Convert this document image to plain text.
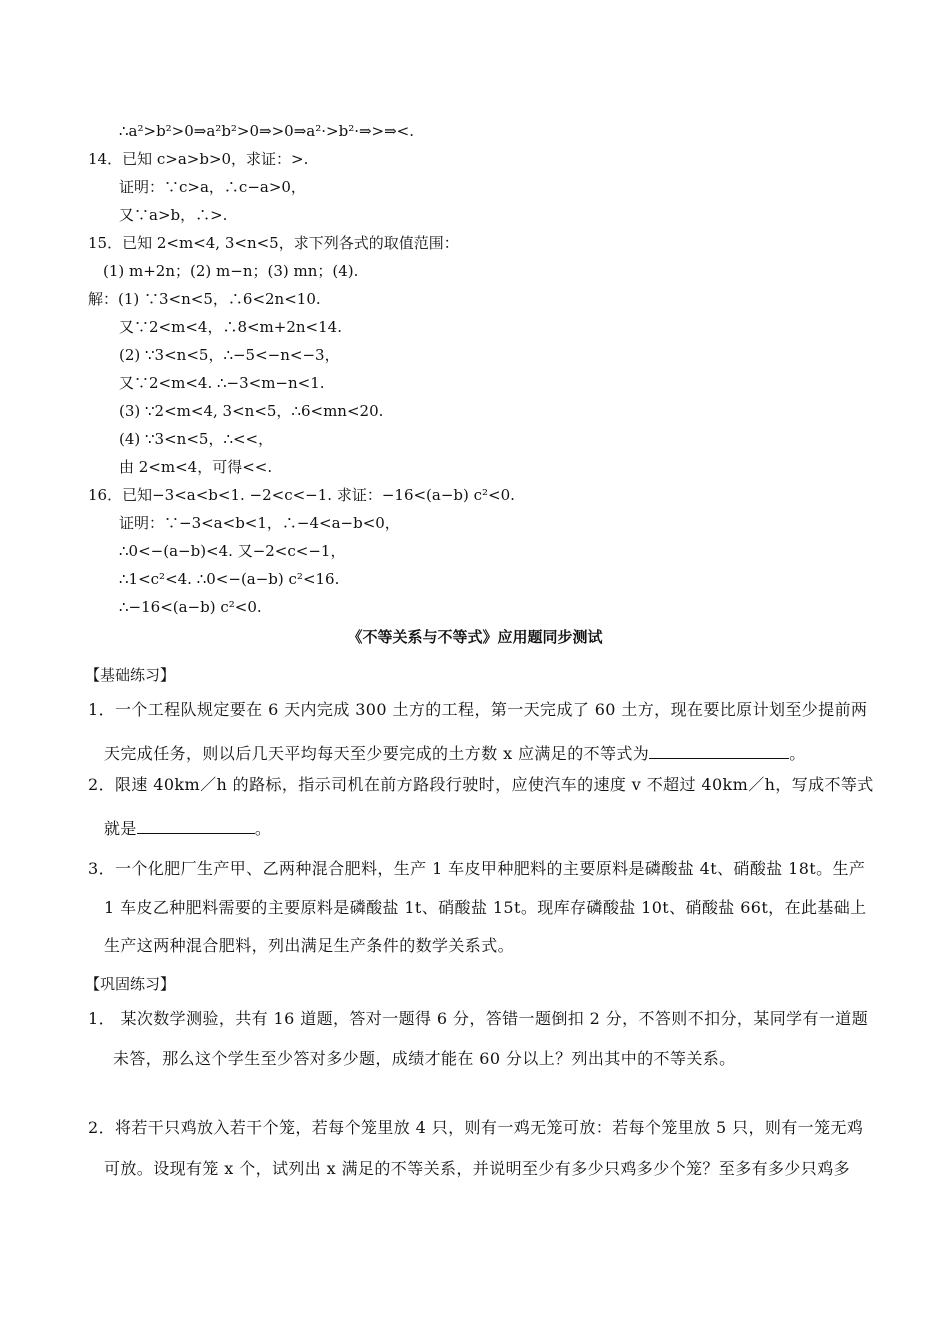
∴a²>b²>0⇒a²b²>0⇒>0⇒a²·>b²·⇒>⇒<.
14．已知 c>a>b>0，求证：>.
证明：∵c>a，∴c−a>0，
又∵a>b，∴>.
15．已知 2<m<4, 3<n<5，求下列各式的取值范围：
(1) m+2n；(2) m−n；(3) mn；(4).
解：(1) ∵3<n<5，∴6<2n<10.
又∵2<m<4，∴8<m+2n<14.
(2) ∵3<n<5，∴−5<−n<−3，
又∵2<m<4. ∴−3<m−n<1.
(3) ∵2<m<4, 3<n<5，∴6<mn<20.
(4) ∵3<n<5，∴<<，
由 2<m<4，可得<<.
16．已知−3<a<b<1. −2<c<−1. 求证：−16<(a−b) c²<0.
证明：∵−3<a<b<1，∴−4<a−b<0，
∴0<−(a−b)<4. 又−2<c<−1，
∴1<c²<4. ∴0<−(a−b) c²<16.
∴−16<(a−b) c²<0.
《不等关系与不等式》应用题同步测试
【基础练习】
1．一个工程队规定要在 6 天内完成 300 土方的工程，第一天完成了 60 土方，现在要比原计划至少提前两
天完成任务，则以后几天平均每天至少要完成的土方数 x 应满足的不等式为	。
2．限速 40km／h 的路标，指示司机在前方路段行驶时，应使汽车的速度 v 不超过 40km／h，写成不等式
就是	。
3．一个化肥厂生产甲、乙两种混合肥料，生产 1 车皮甲种肥料的主要原料是磷酸盐 4t、硝酸盐 18t。生产
1 车皮乙种肥料需要的主要原料是磷酸盐 1t、硝酸盐 15t。现库存磷酸盐 10t、硝酸盐 66t，在此基础上
生产这两种混合肥料，列出满足生产条件的数学关系式。
【巩固练习】
1． 某次数学测验，共有 16 道题，答对一题得 6 分，答错一题倒扣 2 分，不答则不扣分，某同学有一道题
未答，那么这个学生至少答对多少题，成绩才能在 60 分以上？列出其中的不等关系。
2．将若干只鸡放入若干个笼，若每个笼里放 4 只，则有一鸡无笼可放：若每个笼里放 5 只，则有一笼无鸡
可放。设现有笼 x 个，试列出 x 满足的不等关系，并说明至少有多少只鸡多少个笼？至多有多少只鸡多
